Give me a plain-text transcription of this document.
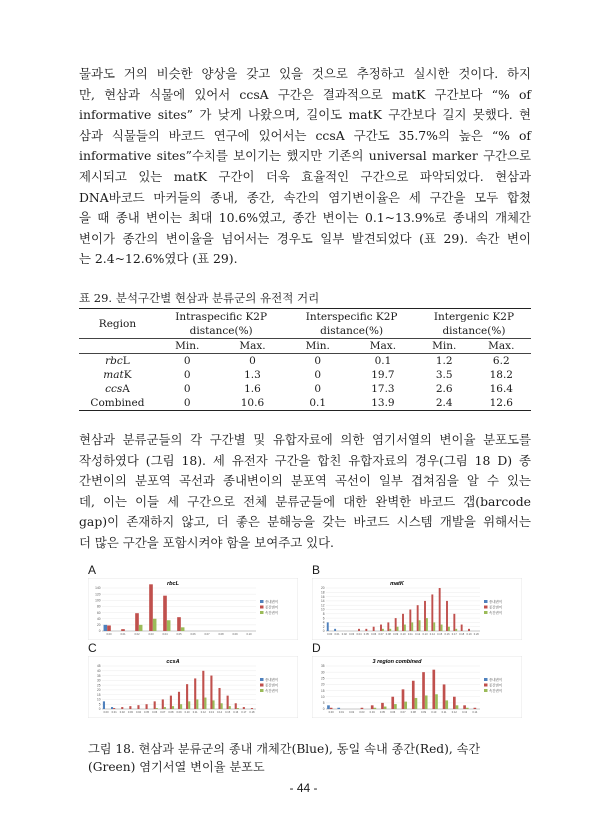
물과도 거의 비슷한 양상을 갖고 있을 것으로 추정하고 실시한 것이다. 하지
만, 현삼과 식물에 있어서 ccsA 구간은 결과적으로 matK 구간보다 “% of
informative sites” 가 낮게 나왔으며, 길이도 matK 구간보다 길지 못했다. 현
삼과 식물들의 바코드 연구에 있어서는 ccsA 구간도 35.7%의 높은 “% of
informative sites”수치를 보이기는 했지만 기존의 universal marker 구간으로
제시되고 있는 matK 구간이 더욱 효율적인 구간으로 파악되었다. 현삼과
DNA바코드 마커들의 종내, 종간, 속간의 염기변이율은 세 구간을 모두 합쳤
을 때 종내 변이는 최대 10.6%였고, 종간 변이는 0.1~13.9%로 종내의 개체간
변이가 종간의 변이율을 넘어서는 경우도 일부 발견되었다 (표 29). 속간 변이
는 2.4~12.6%였다 (표 29).
표 29. 분석구간별 현삼과 분류군의 유전적 거리
Region	Intraspecific K2P		Interspecific K2P		Intergenic K2P	
	distance(%)		distance(%)		distance(%)	
	Min.	Max.	Min.	Max.	Min.	Max.
rbcL	0	0	0	0.1	1.2	6.2
matK	0	1.3	0	19.7	3.5	18.2
ccsA	0	1.6	0	17.3	2.6	16.4
Combined	0	10.6	0.1	13.9	2.4	12.6
현삼과 분류군들의 각 구간별 및 유합자료에 의한 염기서열의 변이율 분포도를
작성하였다 (그림 18). 세 유전자 구간을 합친 유합자료의 경우(그림 18 D) 종
간변이의 분포역 곡선과 종내변이의 분포역 곡선이 일부 겹쳐짐을 알 수 있는
데, 이는 이들 세 구간으로 전체 분류군들에 대한 완벽한 바코드 갭(barcode
gap)이 존재하지 않고, 더 좋은 분해능을 갖는 바코드 시스템 개발을 위해서는
더 많은 구간을 포함시켜야 함을 보여주고 있다.
A	B
C	D
rbcL
0
20
40
60
80
100
120
140
0.00	0.01	0.02	0.03	0.04	0.05	0.06	0.07	0.08	0.09	0.10
종내변이
종간변이
속간변이
matK
0
2
4
6
8
10
12
14
16
18
20
0.00 0.01 0.02 0.03 0.04 0.05 0.06 0.07 0.08 0.09 0.10 0.11 0.12 0.13 0.14 0.15 0.16 0.17 0.18 0.19 0.20
종내변이
종간변이
속간변이
ccsA
0
5
10
15
20
25
30
35
40
45
0.00 0.01 0.02 0.03 0.04 0.05 0.06 0.07 0.08 0.09 0.10 0.11 0.12 0.13 0.14 0.15 0.16 0.17 0.18
종내변이
종간변이
속간변이
3 region combined
0
5
10
15
20
25
30
35
0.00 0.01 0.02 0.03 0.04 0.05 0.06 0.07 0.08 0.09 0.10 0.11 0.12 0.13 0.14
종내변이
종간변이
속간변이
그림 18. 현삼과 분류군의 종내 개체간(Blue), 동일 속내 종간(Red), 속간
(Green) 염기서열 변이율 분포도
- 44 -
